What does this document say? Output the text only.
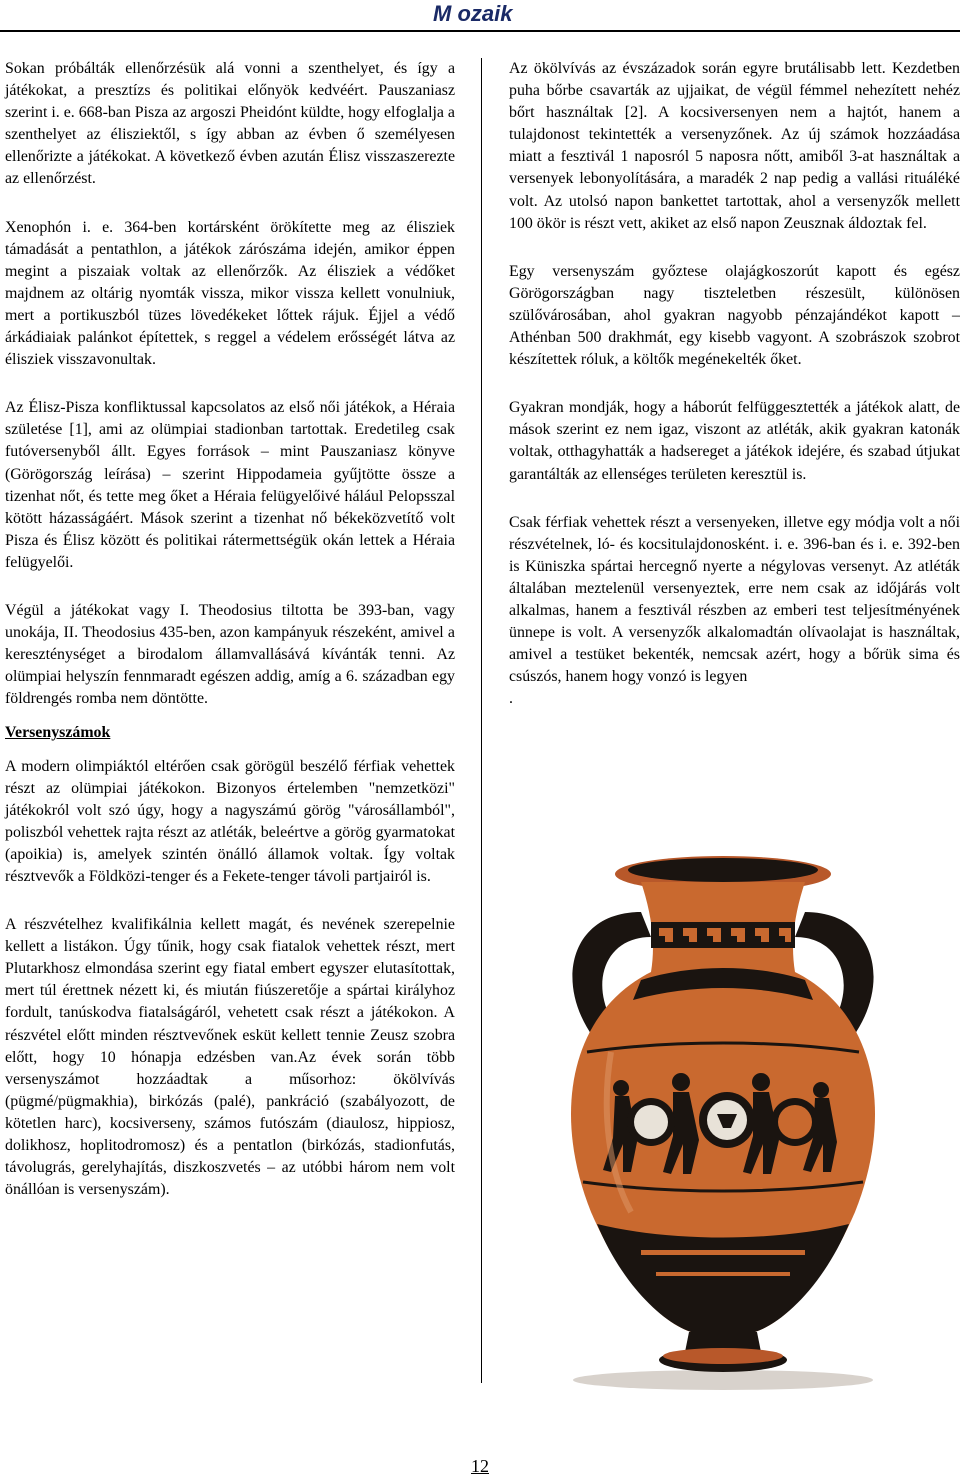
M ozaik

Sokan próbálták ellenőrzésük alá vonni a szenthelyet, és így a játékokat, a presztízs és politikai előnyök kedvéért. Pauszaniasz szerint i. e. 668-ban Pisza az argoszi Pheidónt küldte, hogy elfoglalja a szenthelyet az élisziektől, s így abban az évben ő személyesen ellenőrizte a játékokat. A következő évben azután Élisz visszaszerezte az ellenőrzést.

Xenophón i. e. 364-ben kortársként örökítette meg az élisziek támadását a pentathlon, a játékok zárószáma idején, amikor éppen megint a piszaiak voltak az ellenőrzők. Az élisziek a védőket majdnem az oltárig nyomták vissza, mikor vissza kellett vonulniuk, mert a portikuszból tüzes lövedékeket lőttek rájuk. Éjjel a védő árkádiaiak palánkot építettek, s reggel a védelem erősségét látva az élisziek visszavonultak.

Az Élisz-Pisza konfliktussal kapcsolatos az első női játékok, a Héraia születése [1], ami az olümpiai stadionban tartottak. Eredetileg csak futóversenyből állt. Egyes források – mint Pauszaniasz könyve (Görögország leírása) – szerint Hippodameia gyűjtötte össze a tizenhat nőt, és tette meg őket a Héraia felügyelőivé hálául Pelopsszal kötött házasságáért. Mások szerint a tizenhat nő békeközvetítő volt Pisza és Élisz között és politikai rátermettségük okán lettek a Héraia felügyelői.

Végül a játékokat vagy I. Theodosius tiltotta be 393-ban, vagy unokája, II. Theodosius 435-ben, azon kampányuk részeként, amivel a kereszténységet a birodalom államvallásává kívánták tenni. Az olümpiai helyszín fennmaradt egészen addig, amíg a 6. században egy földrengés romba nem döntötte.

Versenyszámok

A modern olimpiáktól eltérően csak görögül beszélő férfiak vehettek részt az olümpiai játékokon. Bizonyos értelemben "nemzetközi" játékokról volt szó úgy, hogy a nagyszámú görög "városállamból", poliszból vehettek rajta részt az atléták, beleértve a görög gyarmatokat (apoikia) is, amelyek szintén önálló államok voltak. Így voltak résztvevők a Földközi-tenger és a Fekete-tenger távoli partjairól is.

A részvételhez kvalifikálnia kellett magát, és nevének szerepelnie kellett a listákon. Úgy tűnik, hogy csak fiatalok vehettek részt, mert Plutarkhosz elmondása szerint egy fiatal embert egyszer elutasítottak, mert túl érettnek nézett ki, és miután fiúszeretője a spártai királyhoz fordult, tanúskodva fiatalságáról, vehetett csak részt a játékokon. A részvétel előtt minden résztvevőnek esküt kellett tennie Zeusz szobra előtt, hogy 10 hónapja edzésben van.Az évek során több versenyszámot hozzáadtak a műsorhoz: ökölvívás (pügmé/pügmakhia), birkózás (palé), pankráció (szabályozott, de kötetlen harc), kocsiverseny, számos futószám (diaulosz, hippiosz, dolikhosz, hoplitodromosz) és a pentatlon (birkózás, stadionfutás, távolugrás, gerelyhajítás, diszkoszvetés – az utóbbi három nem volt önállóan is versenyszám).

Az ökölvívás az évszázadok során egyre brutálisabb lett. Kezdetben puha bőrbe csavarták az ujjaikat, de végül fémmel nehezített nehéz bőrt használtak [2]. A kocsiversenyen nem a hajtót, hanem a tulajdonost tekintették a versenyzőnek. Az új számok hozzáadása miatt a fesztivál 1 naposról 5 naposra nőtt, amiből 3-at használtak a versenyek lebonyolítására, a maradék 2 nap pedig a vallási rituáléké volt. Az utolsó napon bankettet tartottak, ahol a versenyzők mellett 100 ökör is részt vett, akiket az első napon Zeusznak áldoztak fel.

Egy versenyszám győztese olajágkoszorút kapott és egész Görögországban nagy tiszteletben részesült, különösen szülővárosában, ahol gyakran nagyobb pénzajándékot kapott – Athénban 500 drakhmát, egy kisebb vagyont. A szobrászok szobrot készítettek róluk, a költők megénekelték őket.

Gyakran mondják, hogy a háborút felfüggesztették a játékok alatt, de mások szerint ez nem igaz, viszont az atléták, akik gyakran katonák voltak, otthagyhatták a hadsereget a játékok idejére, és szabad útjukat garantálták az ellenséges területen keresztül is.

Csak férfiak vehettek részt a versenyeken, illetve egy módja volt a női részvételnek, ló- és kocsitulajdonosként. i. e. 396-ban és i. e. 392-ben is Küniszka spártai hercegnő nyerte a négylovas versenyt. Az atléták általában meztelenül versenyeztek, erre nem csak az időjárás volt alkalmas, hanem a fesztivál részben az emberi test teljesítményének ünnepe is volt. A versenyzők alkalomadtán olívaolajat is használtak, amivel a testüket bekenték, nemcsak azért, hogy a bőrük sima és csúszós, hanem hogy vonzó is legyen

.

12
